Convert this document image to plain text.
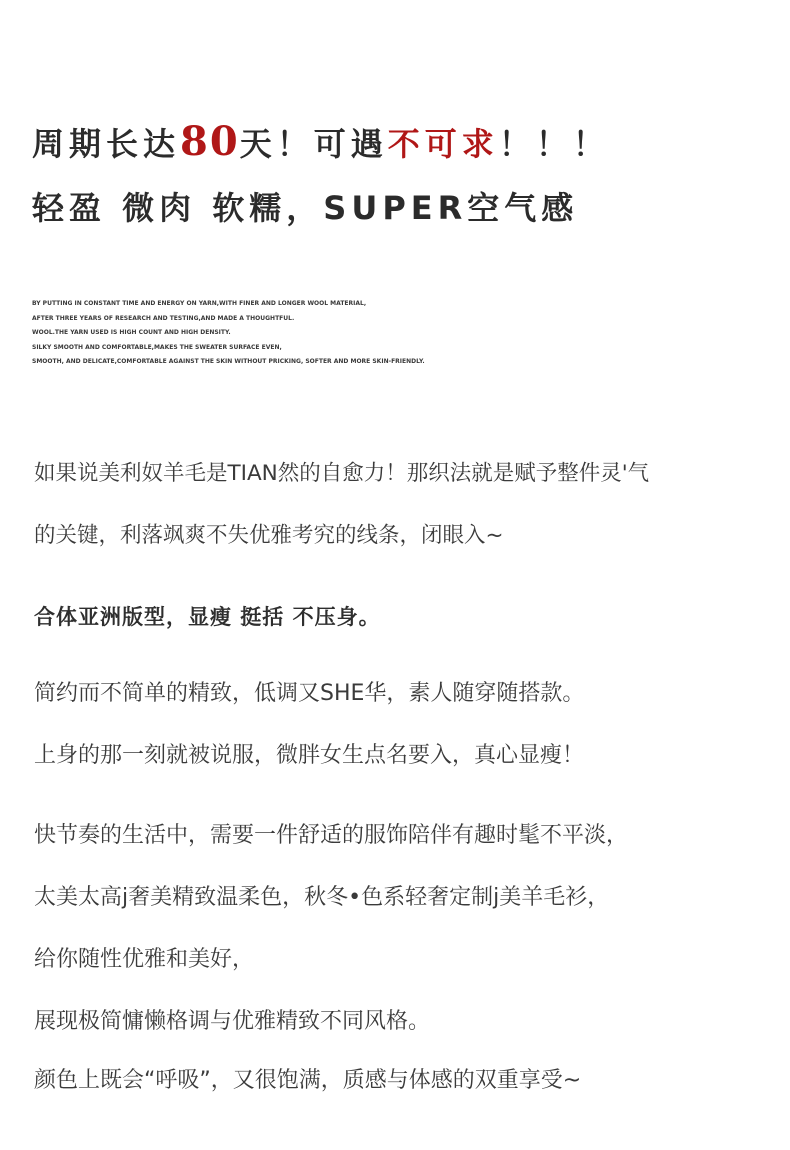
周期长达80天！可遇不可求！！！
轻盈 微肉 软糯，SUPER空气感
BY PUTTING IN CONSTANT TIME AND ENERGY ON YARN,WITH FINER AND LONGER WOOL MATERIAL,
AFTER THREE YEARS OF RESEARCH AND TESTING,AND MADE A THOUGHTFUL.
WOOL.THE YARN USED IS HIGH COUNT AND HIGH DENSITY.
SILKY SMOOTH AND COMFORTABLE,MAKES THE SWEATER SURFACE EVEN,
SMOOTH, AND DELICATE,COMFORTABLE AGAINST THE SKIN WITHOUT PRICKING, SOFTER AND MORE SKIN-FRIENDLY.
如果说美利奴羊毛是TIAN然的自愈力！那织法就是赋予整件灵'气
的关键，利落飒爽不失优雅考究的线条，闭眼入~
合体亚洲版型，显瘦 挺括 不压身。
简约而不简单的精致，低调又SHE华，素人随穿随搭款。
上身的那一刻就被说服，微胖女生点名要入，真心显瘦！
快节奏的生活中，需要一件舒适的服饰陪伴有趣时髦不平淡，
太美太高j奢美精致温柔色，秋冬•色系轻奢定制j美羊毛衫，
给你随性优雅和美好，
展现极简慵懒格调与优雅精致不同风格。
颜色上既会“呼吸”，又很饱满，质感与体感的双重享受~
